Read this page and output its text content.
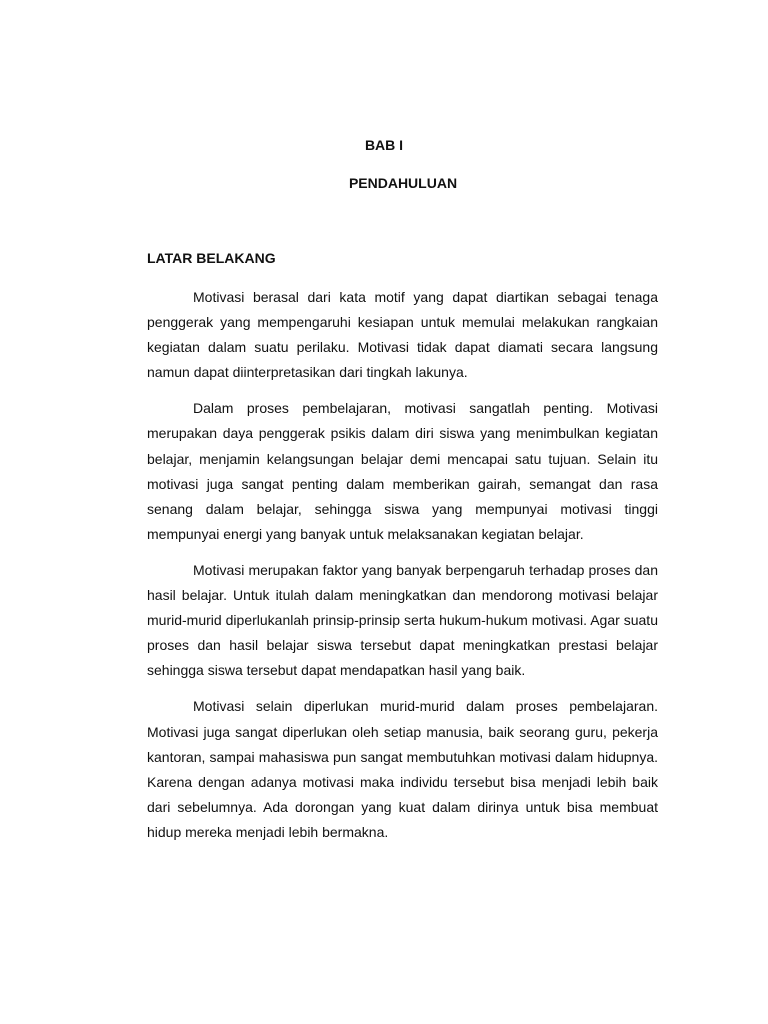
BAB I
PENDAHULUAN
LATAR BELAKANG

Motivasi berasal dari kata motif yang dapat diartikan sebagai tenaga penggerak yang mempengaruhi kesiapan untuk memulai melakukan rangkaian kegiatan dalam suatu perilaku. Motivasi tidak dapat diamati secara langsung namun dapat diinterpretasikan dari tingkah lakunya.

Dalam proses pembelajaran, motivasi sangatlah penting. Motivasi merupakan daya penggerak psikis dalam diri siswa yang menimbulkan kegiatan belajar, menjamin kelangsungan belajar demi mencapai satu tujuan. Selain itu motivasi juga sangat penting dalam memberikan gairah, semangat dan rasa senang dalam belajar, sehingga siswa yang mempunyai motivasi tinggi mempunyai energi yang banyak untuk melaksanakan kegiatan belajar.

Motivasi merupakan faktor yang banyak berpengaruh terhadap proses dan hasil belajar. Untuk itulah dalam meningkatkan dan mendorong motivasi belajar murid-murid diperlukanlah prinsip-prinsip serta hukum-hukum motivasi. Agar suatu proses dan hasil belajar siswa tersebut dapat meningkatkan prestasi belajar sehingga siswa tersebut dapat mendapatkan hasil yang baik.

Motivasi selain diperlukan murid-murid dalam proses pembelajaran. Motivasi juga sangat diperlukan oleh setiap manusia, baik seorang guru, pekerja kantoran, sampai mahasiswa pun sangat membutuhkan motivasi dalam hidupnya. Karena dengan adanya motivasi maka individu tersebut bisa menjadi lebih baik dari sebelumnya. Ada dorongan yang kuat dalam dirinya untuk bisa membuat hidup mereka menjadi lebih bermakna.
